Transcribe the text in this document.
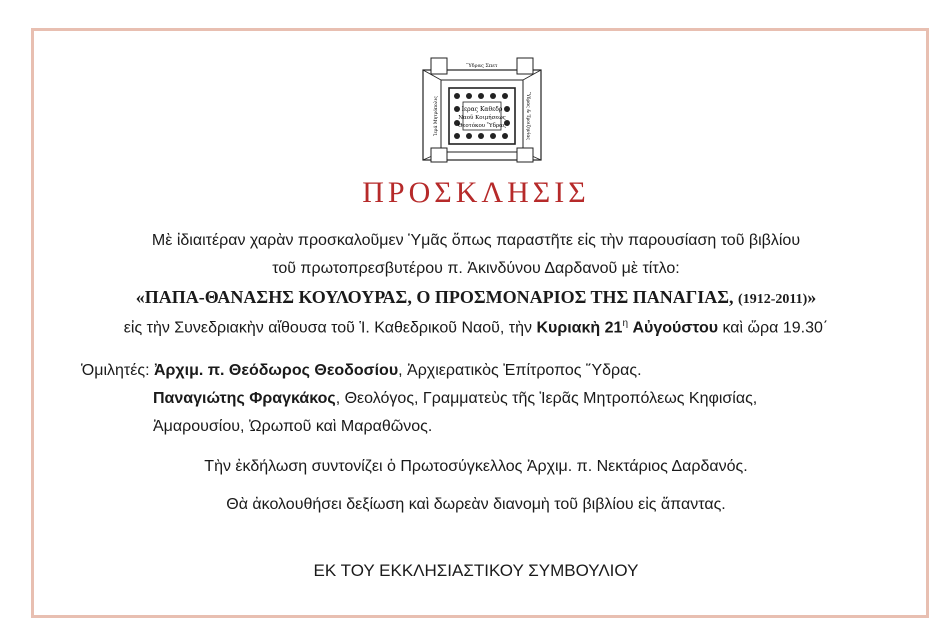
Ὕδρας Σπετ
Ἱερά Μητρόπολις	Ὕδρας & Τροιζηνίας
Ιερας Καθεδρ
Ναοῦ Κοιμήσεως
Θεοτόκου Ὕδρας
ΠΡΟΣΚΛΗΣΙΣ
Μὲ ἰδιαιτέραν χαρὰν προσκαλοῦμεν Ὑμᾶς ὅπως παραστῆτε εἰς τὴν παρουσίαση τοῦ βιβλίου
τοῦ πρωτοπρεσβυτέρου π. Ἀκινδύνου Δαρδανοῦ μὲ τίτλο:
«ΠΑΠΑ-ΘΑΝΑΣΗΣ ΚΟΥΛΟΥΡΑΣ, Ο ΠΡΟΣΜΟΝΑΡΙΟΣ ΤΗΣ ΠΑΝΑΓΙΑΣ, (1912-2011)»
εἰς τὴν Συνεδριακὴν αἴθουσα τοῦ Ἱ. Καθεδρικοῦ Ναοῦ, τὴν Κυριακὴ $21^\eta$ Αὐγούστου καὶ ὥρα 19.30΄
Ὁμιλητές: Ἀρχιμ. π. Θεόδωρος Θεοδοσίου, Ἀρχιερατικὸς Ἐπίτροπος Ὕδρας.
Παναγιώτης Φραγκάκος, Θεολόγος, Γραμματεὺς τῆς Ἱερᾶς Μητροπόλεως Κηφισίας,
Ἀμαρουσίου, Ὠρωποῦ καὶ Μαραθῶνος.
Τὴν ἐκδήλωση συντονίζει ὁ Πρωτοσύγκελλος Ἀρχιμ. π. Νεκτάριος Δαρδανός.
Θὰ ἀκολουθήσει δεξίωση καὶ δωρεὰν διανομὴ τοῦ βιβλίου εἰς ἅπαντας.
ΕΚ ΤΟΥ ΕΚΚΛΗΣΙΑΣΤΙΚΟΥ ΣΥΜΒΟΥΛΙΟΥ
